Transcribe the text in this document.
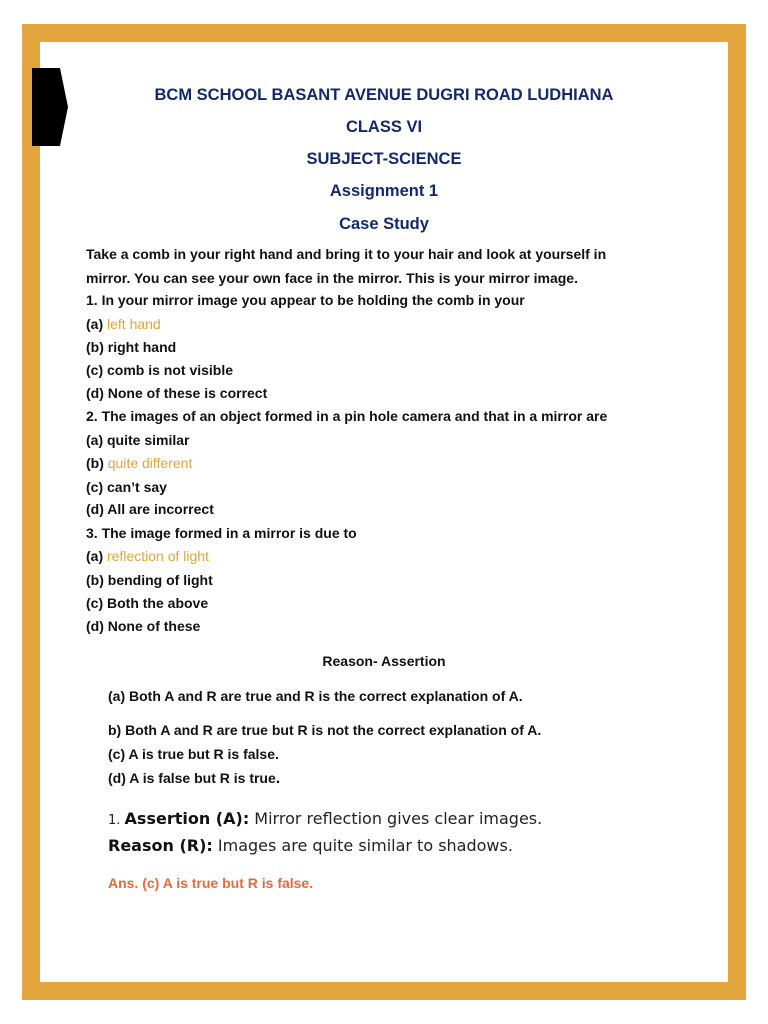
BCM SCHOOL BASANT AVENUE DUGRI ROAD LUDHIANA
CLASS VI
SUBJECT-SCIENCE
Assignment 1
Case Study
Take a comb in your right hand and bring it to your hair and look at yourself in
mirror. You can see your own face in the mirror. This is your mirror image.
1. In your mirror image you appear to be holding the comb in your
(a) left hand
(b) right hand
(c) comb is not visible
(d) None of these is correct
2. The images of an object formed in a pin hole camera and that in a mirror are
(a) quite similar
(b) quite different
(c) can’t say
(d) All are incorrect
3. The image formed in a mirror is due to
(a) reflection of light
(b) bending of light
(c) Both the above
(d) None of these
Reason- Assertion
(a) Both A and R are true and R is the correct explanation of A.
b) Both A and R are true but R is not the correct explanation of A.
(c) A is true but R is false.
(d) A is false but R is true.
1. Assertion (A): Mirror reflection gives clear images.
Reason (R): Images are quite similar to shadows.
Ans. (c) A is true but R is false.
